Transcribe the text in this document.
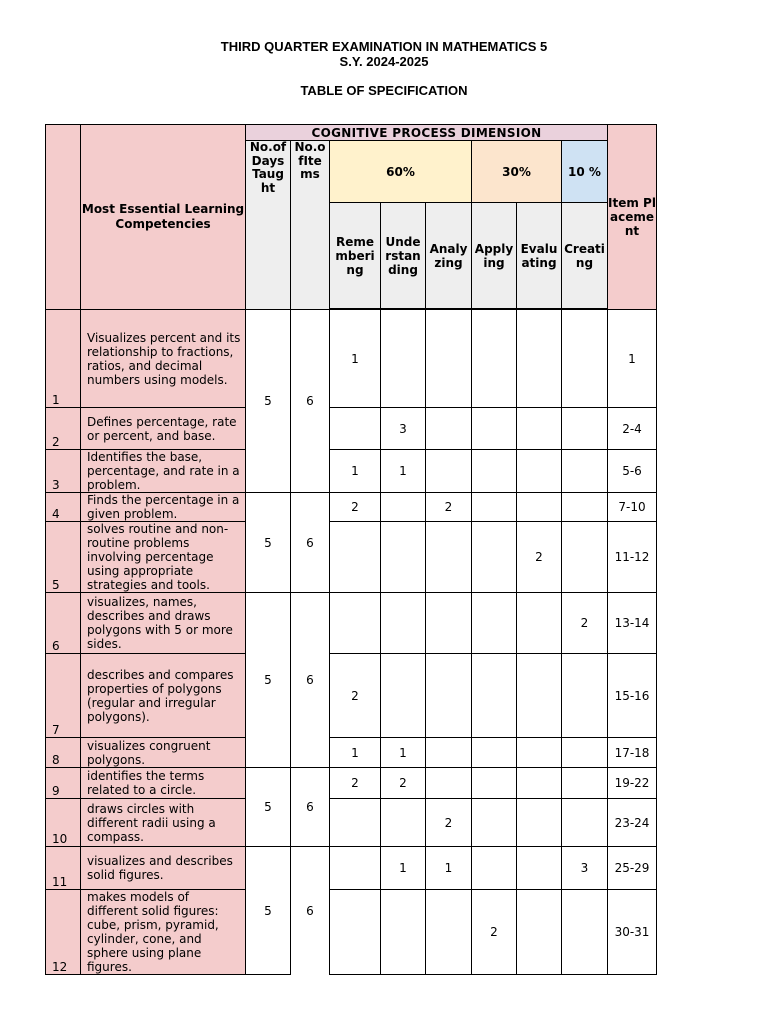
THIRD QUARTER EXAMINATION IN MATHEMATICS 5
S.Y. 2024-2025
TABLE OF SPECIFICATION
	Most Essential Learning Competencies	COGNITIVE PROCESS DIMENSION								Item Placement
		No.ofDaysTaught	No.ofItems	60%			30%		10 %	
				Remembering	Understanding	Analyzing	Applying	Evaluating	Creating	

1	Visualizes percent and its relationship to fractions, ratios, and decimal numbers using models.	5	6	1						1
2	Defines percentage, rate or percent, and base.				3					2-4
3	Identifies the base, percentage, and rate in a problem.			1	1					5-6
4	Finds the percentage in a given problem.	5	6	2		2				7-10
5	solves routine and non-routine problems involving percentage using appropriate strategies and tools.							2		11-12
6	visualizes, names, describes and draws polygons with 5 or more sides.	5	6						2	13-14
7	describes and compares properties of polygons (regular and irregular polygons).			2						15-16
8	visualizes congruent polygons.			1	1					17-18
9	identifies the terms related to a circle.	5	6	2	2					19-22
10	draws circles with different radii using a compass.					2				23-24
11	visualizes and describes solid figures.	5	6		1	1			3	25-29
12	makes models of different solid figures: cube, prism, pyramid, cylinder, cone, and sphere using plane figures.						2			30-31
